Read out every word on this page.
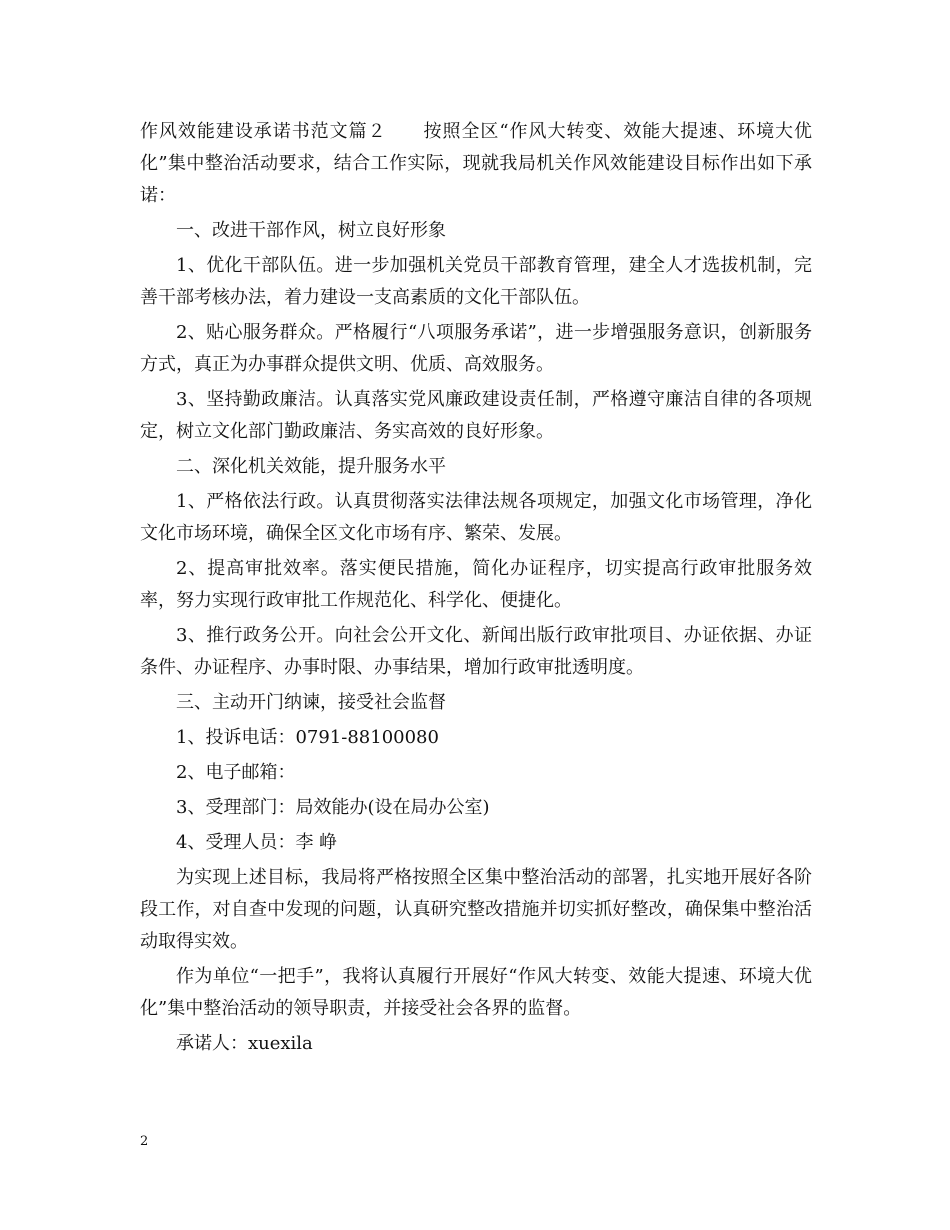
作风效能建设承诺书范文篇２ 按照全区“作风大转变、效能大提速、环境大优化”集中整治活动要求，结合工作实际，现就我局机关作风效能建设目标作出如下承诺：

一、改进干部作风，树立良好形象

1、优化干部队伍。进一步加强机关党员干部教育管理，建全人才选拔机制，完善干部考核办法，着力建设一支高素质的文化干部队伍。

2、贴心服务群众。严格履行“八项服务承诺”，进一步增强服务意识，创新服务方式，真正为办事群众提供文明、优质、高效服务。

3、坚持勤政廉洁。认真落实党风廉政建设责任制，严格遵守廉洁自律的各项规定，树立文化部门勤政廉洁、务实高效的良好形象。

二、深化机关效能，提升服务水平

1、严格依法行政。认真贯彻落实法律法规各项规定，加强文化市场管理，净化文化市场环境，确保全区文化市场有序、繁荣、发展。

2、提高审批效率。落实便民措施，简化办证程序，切实提高行政审批服务效率，努力实现行政审批工作规范化、科学化、便捷化。

3、推行政务公开。向社会公开文化、新闻出版行政审批项目、办证依据、办证条件、办证程序、办事时限、办事结果，增加行政审批透明度。

三、主动开门纳谏，接受社会监督

1、投诉电话：0791-88100080

2、电子邮箱：

3、受理部门：局效能办(设在局办公室)

4、受理人员：李 峥

为实现上述目标，我局将严格按照全区集中整治活动的部署，扎实地开展好各阶段工作，对自查中发现的问题，认真研究整改措施并切实抓好整改，确保集中整治活动取得实效。

作为单位“一把手”，我将认真履行开展好“作风大转变、效能大提速、环境大优化”集中整治活动的领导职责，并接受社会各界的监督。

承诺人：xuexila

2
